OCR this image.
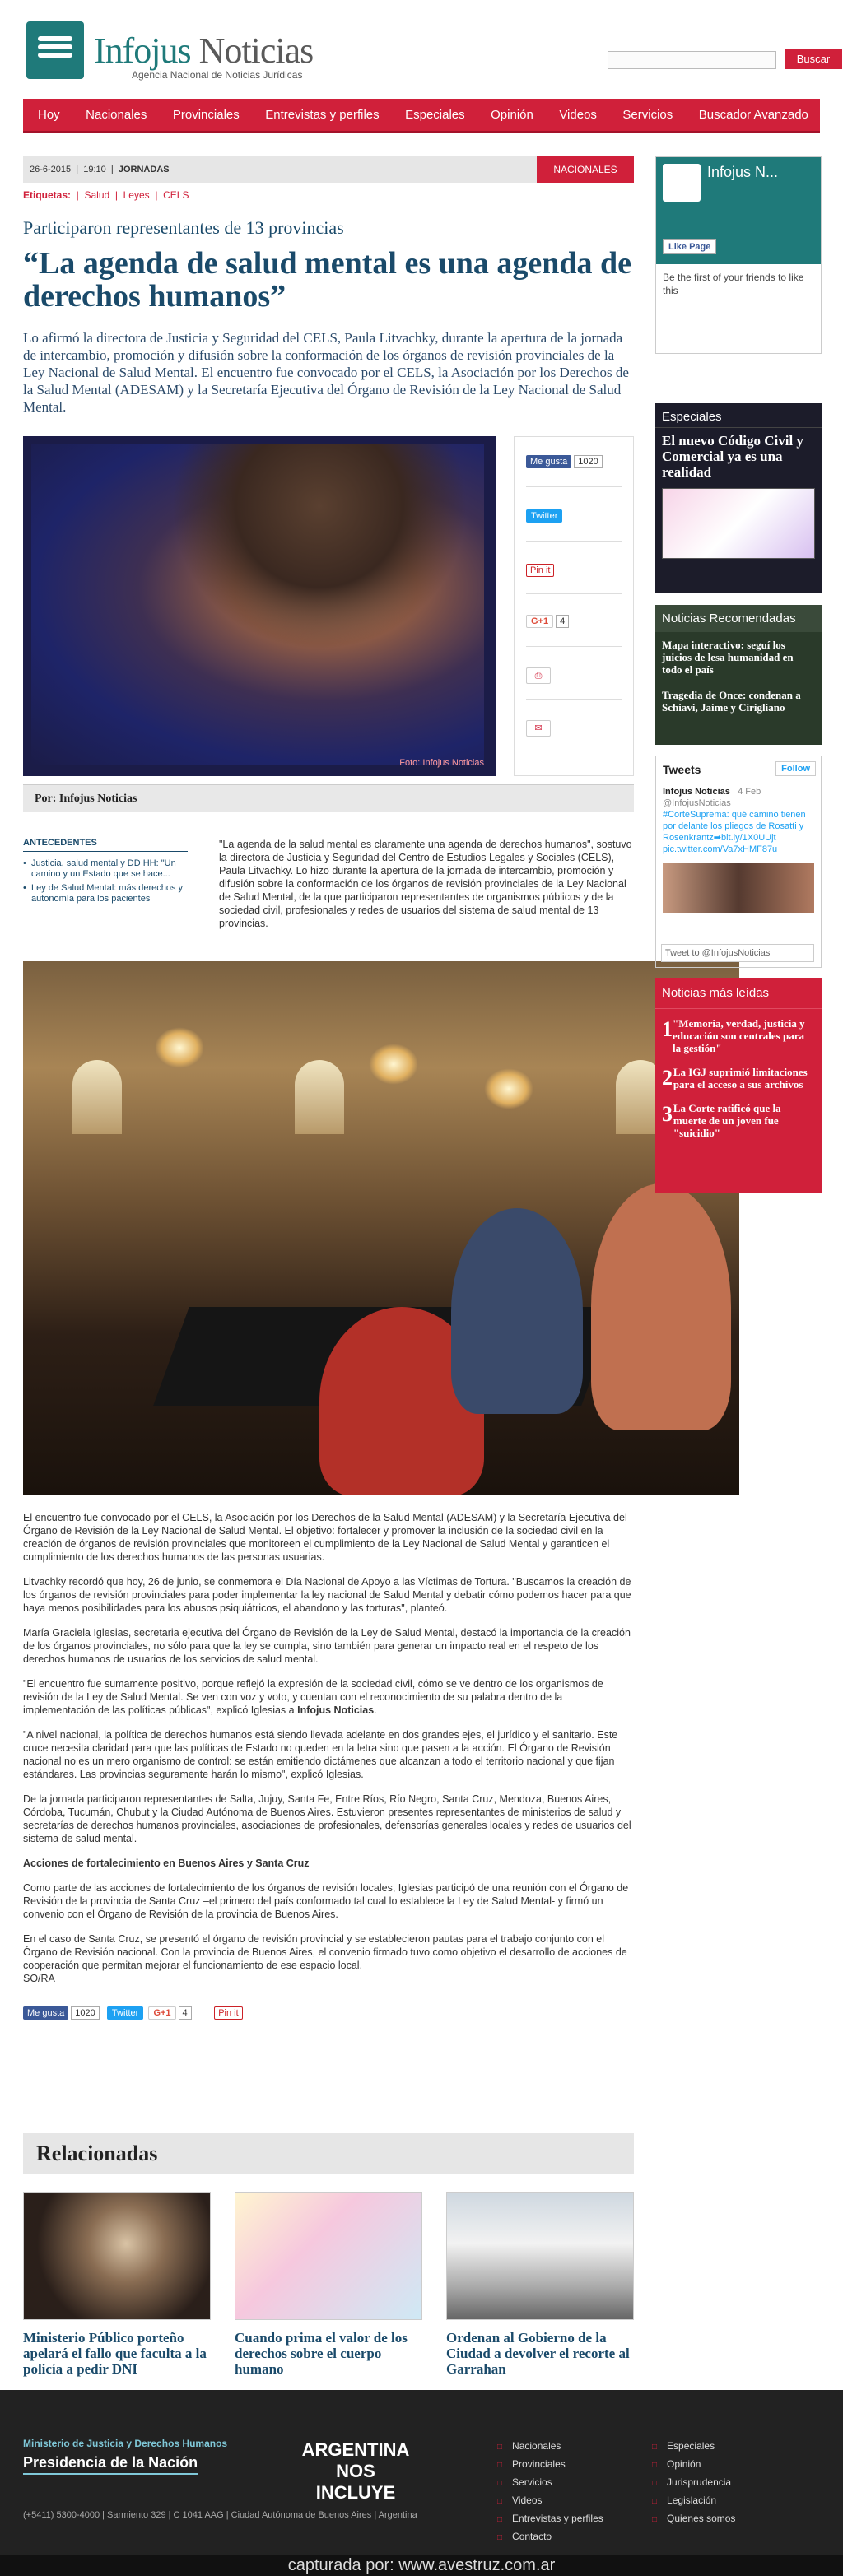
Infojus Noticias
Agencia Nacional de Noticias Jurídicas
Buscar
Hoy Nacionales Provinciales Entrevistas y perfiles Especiales Opinión Videos Servicios Buscador Avanzado
26-6-2015  |  19:10  |  JORNADAS	NACIONALES
Etiquetas:  |  Salud  |  Leyes  |  CELS
Participaron representantes de 13 provincias
“La agenda de salud mental es una agenda de derechos humanos”
Lo afirmó la directora de Justicia y Seguridad del CELS, Paula Litvachky, durante la apertura de la jornada de intercambio, promoción y difusión sobre la conformación de los órganos de revisión provinciales de la Ley Nacional de Salud Mental. El encuentro fue convocado por el CELS, la Asociación por los Derechos de la Salud Mental (ADESAM) y la Secretaría Ejecutiva del Órgano de Revisión de la Ley Nacional de Salud Mental.
Foto: Infojus Noticias
Me gusta 1020
Twitter
Pin it
G+1 4
⎙
✉
Por: Infojus Noticias
ANTECEDENTES
• Justicia, salud mental y DD HH: "Un camino y un Estado que se hace...
• Ley de Salud Mental: más derechos y autonomía para los pacientes
"La agenda de la salud mental es claramente una agenda de derechos humanos", sostuvo la directora de Justicia y Seguridad del Centro de Estudios Legales y Sociales (CELS), Paula Litvachky. Lo hizo durante la apertura de la jornada de intercambio, promoción y difusión sobre la conformación de los órganos de revisión provinciales de la Ley Nacional de Salud Mental, de la que participaron representantes de organismos públicos y de la sociedad civil, profesionales y redes de usuarios del sistema de salud mental de 13 provincias.

El encuentro fue convocado por el CELS, la Asociación por los Derechos de la Salud Mental (ADESAM) y la Secretaría Ejecutiva del Órgano de Revisión de la Ley Nacional de Salud Mental. El objetivo: fortalecer y promover la inclusión de la sociedad civil en la creación de órganos de revisión provinciales que monitoreen el cumplimiento de la Ley Nacional de Salud Mental y garanticen el cumplimiento de los derechos humanos de las personas usuarias.

Litvachky recordó que hoy, 26 de junio, se conmemora el Día Nacional de Apoyo a las Víctimas de Tortura. "Buscamos la creación de los órganos de revisión provinciales para poder implementar la ley nacional de Salud Mental y debatir cómo podemos hacer para que haya menos posibilidades para los abusos psiquiátricos, el abandono y las torturas", planteó.

María Graciela Iglesias, secretaria ejecutiva del Órgano de Revisión de la Ley de Salud Mental, destacó la importancia de la creación de los órganos provinciales, no sólo para que la ley se cumpla, sino también para generar un impacto real en el respeto de los derechos humanos de usuarios de los servicios de salud mental.

"El encuentro fue sumamente positivo, porque reflejó la expresión de la sociedad civil, cómo se ve dentro de los organismos de revisión de la Ley de Salud Mental. Se ven con voz y voto, y cuentan con el reconocimiento de su palabra dentro de la implementación de las políticas públicas", explicó Iglesias a Infojus Noticias.

"A nivel nacional, la política de derechos humanos está siendo llevada adelante en dos grandes ejes, el jurídico y el sanitario. Este cruce necesita claridad para que las políticas de Estado no queden en la letra sino que pasen a la acción. El Órgano de Revisión nacional no es un mero organismo de control: se están emitiendo dictámenes que alcanzan a todo el territorio nacional y que fijan estándares. Las provincias seguramente harán lo mismo", explicó Iglesias.

De la jornada participaron representantes de Salta, Jujuy, Santa Fe, Entre Ríos, Río Negro, Santa Cruz, Mendoza, Buenos Aires, Córdoba, Tucumán, Chubut y la Ciudad Autónoma de Buenos Aires. Estuvieron presentes representantes de ministerios de salud y secretarías de derechos humanos provinciales, asociaciones de profesionales, defensorías generales locales y redes de usuarios del sistema de salud mental.

Acciones de fortalecimiento en Buenos Aires y Santa Cruz

Como parte de las acciones de fortalecimiento de los órganos de revisión locales, Iglesias participó de una reunión con el Órgano de Revisión de la provincia de Santa Cruz –el primero del país conformado tal cual lo establece la Ley de Salud Mental- y firmó un convenio con el Órgano de Revisión de la provincia de Buenos Aires.

En el caso de Santa Cruz, se presentó el órgano de revisión provincial y se establecieron pautas para el trabajo conjunto con el Órgano de Revisión nacional. Con la provincia de Buenos Aires, el convenio firmado tuvo como objetivo el desarrollo de acciones de cooperación que permitan mejorar el funcionamiento de ese espacio local.

SO/RA

Me gusta 1020 Twitter G+1 4	Pin it
Relacionadas
Ministerio Público porteño apelará el fallo que faculta a la policía a pedir DNI
Cuando prima el valor de los derechos sobre el cuerpo humano
Ordenan al Gobierno de la Ciudad a devolver el recorte al Garrahan
Infojus N...
Like Page
Be the first of your friends to like this
Especiales
El nuevo Código Civil y Comercial ya es una realidad
Noticias Recomendadas
Mapa interactivo: seguí los juicios de lesa humanidad en todo el país
Tragedia de Once: condenan a Schiavi, Jaime y Cirigliano
Tweets	Follow
Infojus Noticias 4 Feb
@InfojusNoticias
#CorteSuprema: qué camino tienen por delante los pliegos de Rosatti y Rosenkrantz➡bit.ly/1X0UUjt pic.twitter.com/Va7xHMF87u
Tweet to @InfojusNoticias
Noticias más leídas
1 "Memoria, verdad, justicia y educación son centrales para la gestión"
2 La IGJ suprimió limitaciones para el acceso a sus archivos
3 La Corte ratificó que la muerte de un joven fue "suicidio"
Ministerio de Justicia y Derechos Humanos
Presidencia de la Nación
ARGENTINA NOS INCLUYE
(+5411) 5300-4000 | Sarmiento 329 | C 1041 AAG | Ciudad Autónoma de Buenos Aires | Argentina
□ Nacionales
□ Provinciales
□ Servicios
□ Videos
□ Entrevistas y perfiles
□ Contacto
□ Especiales
□ Opinión
□ Jurisprudencia
□ Legislación
□ Quienes somos
capturada por: www.avestruz.com.ar
